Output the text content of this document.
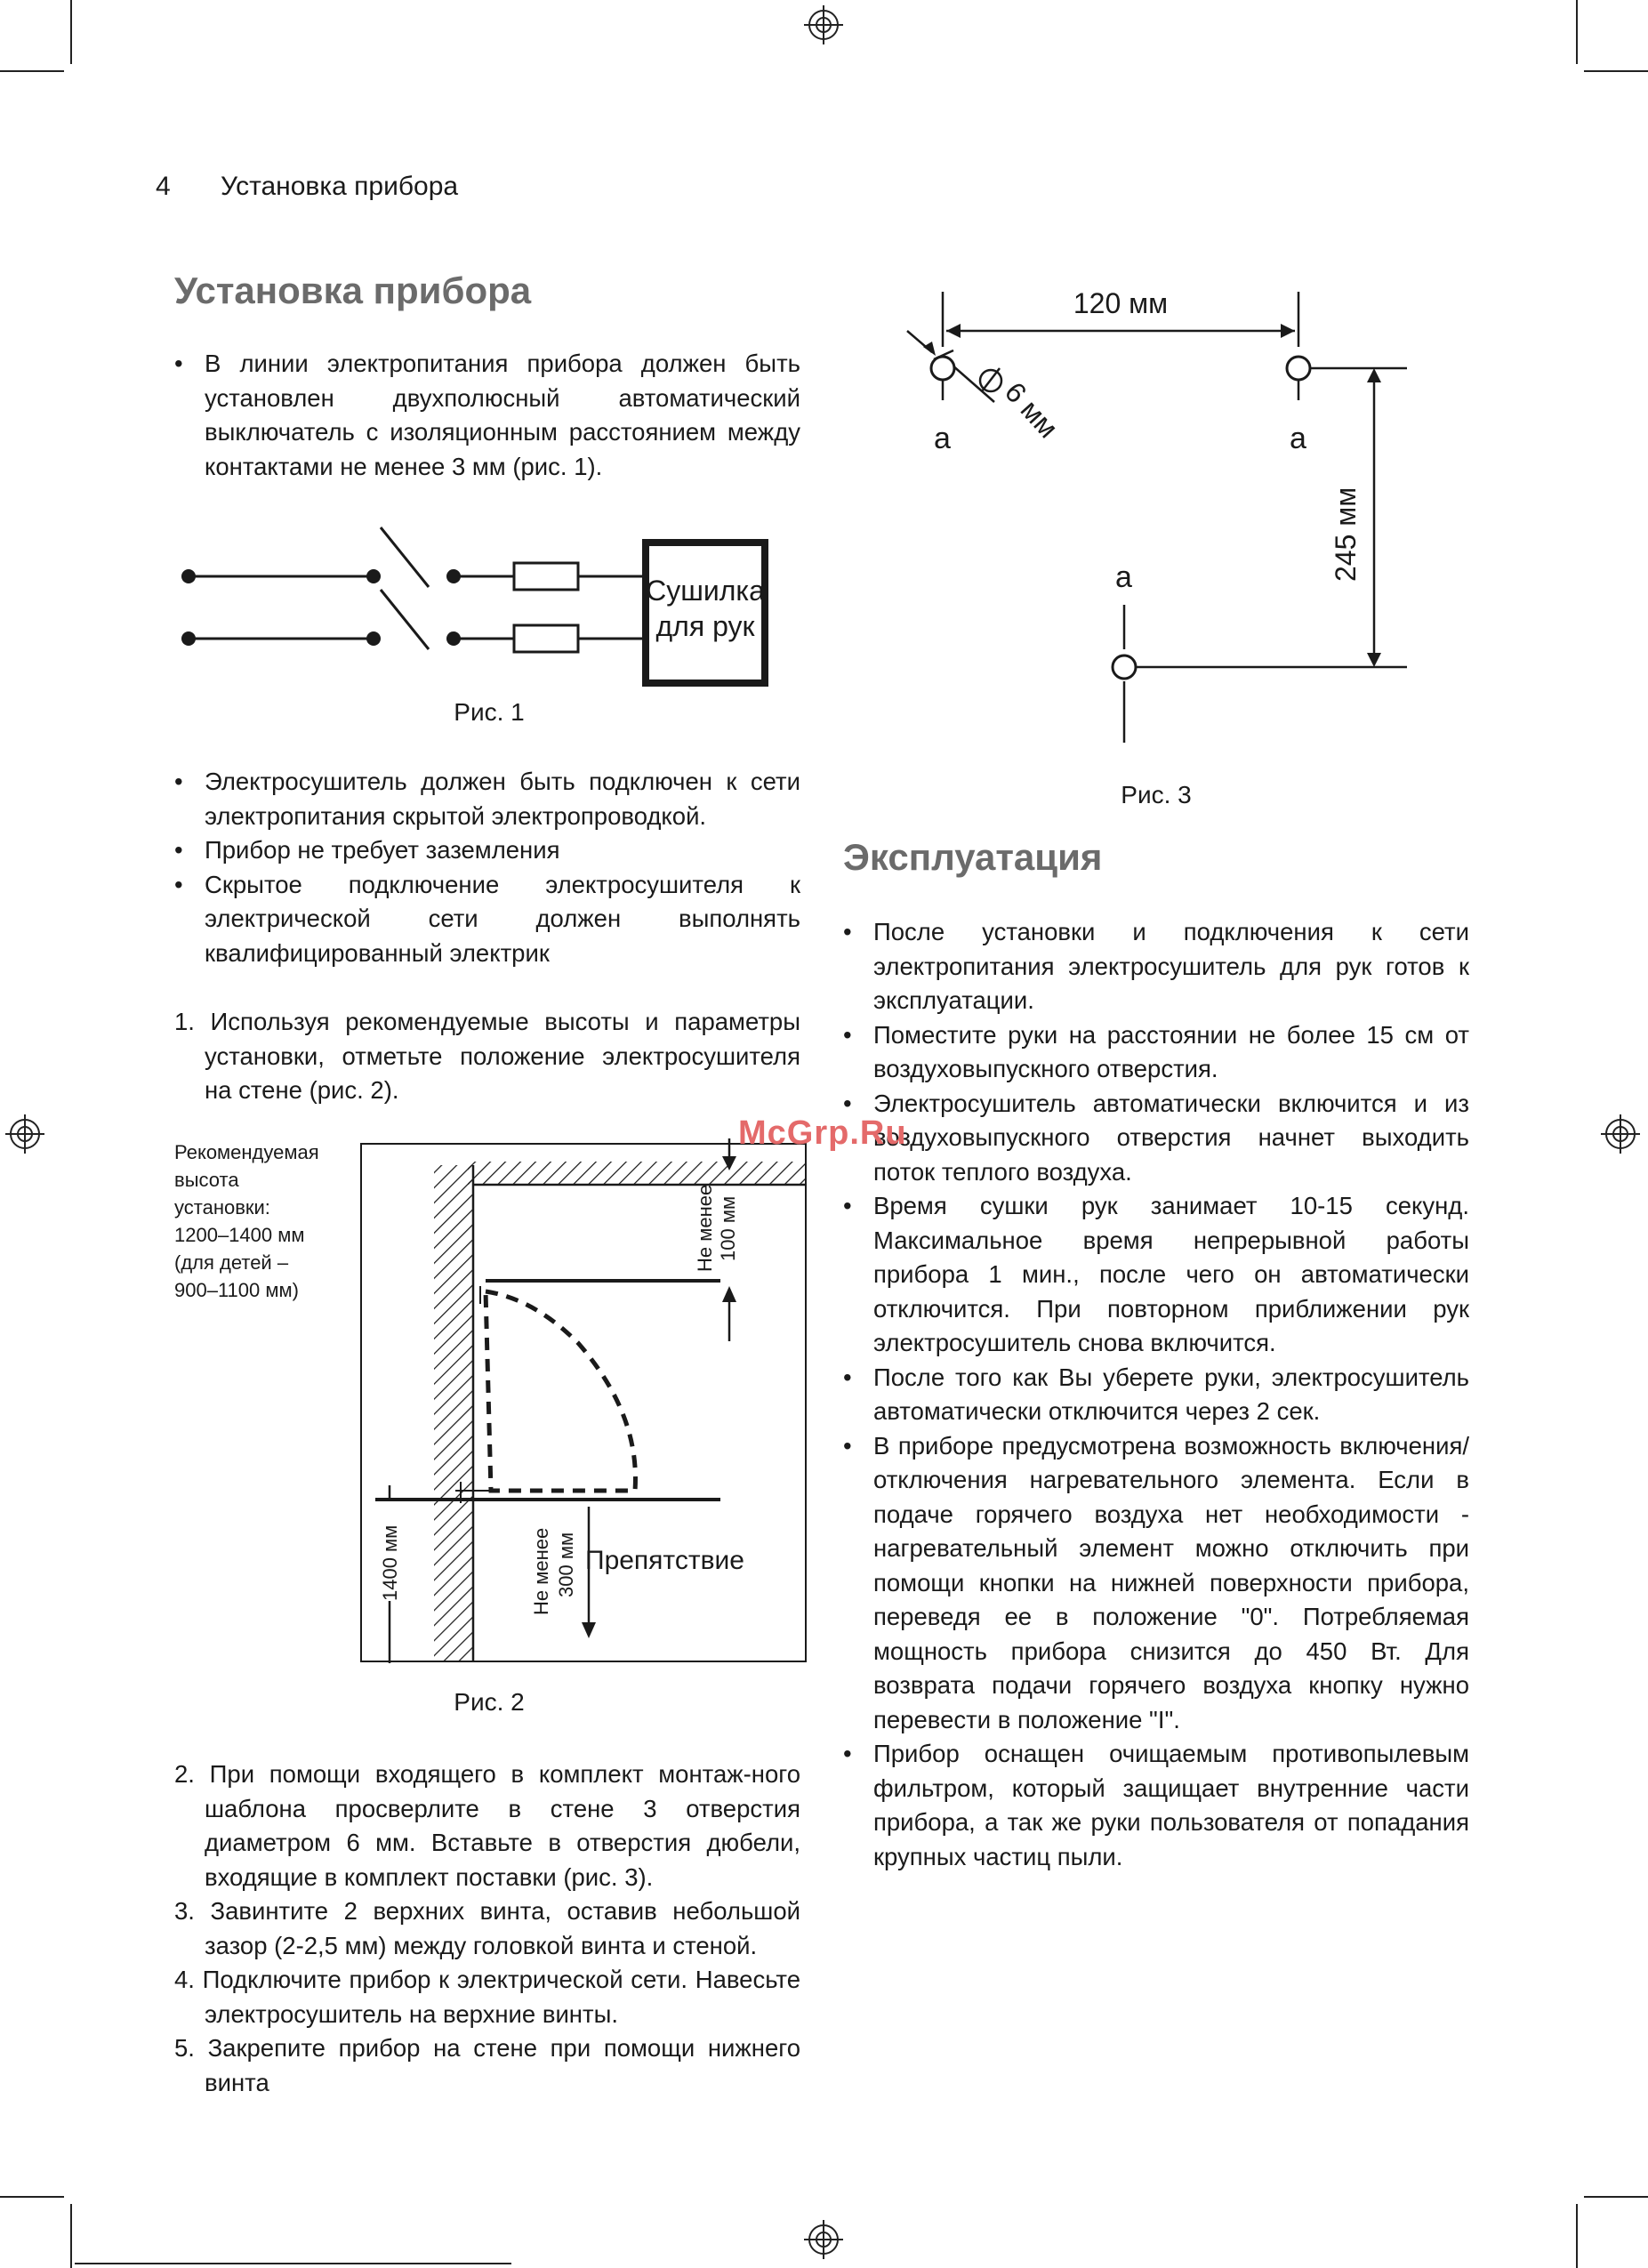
4 Установка прибора
Установка прибора
• В линии электропитания прибора должен быть установлен двухполюсный автоматический выключатель с изоляционным расстоянием между контактами не менее 3 мм (рис. 1).
Сушилка
для рук
Рис. 1
• Электросушитель должен быть подключен к сети электропитания скрытой электропроводкой.
• Прибор не требует заземления
• Скрытое подключение электросушителя к электрической сети должен выполнять квалифицированный электрик
1. Используя рекомендуемые высоты и параметры установки, отметьте положение электросушителя на стене (рис. 2).
Рекомендуемая
высота
установки:
1200–1400 мм
(для детей –
900–1100 мм)
Не менее 100 мм
1400 мм	Не менее 300 мм Препятствие
Рис. 2
2. При помощи входящего в комплект монтаж-ного шаблона просверлите в стене 3 отверстия диаметром 6 мм. Вставьте в отверстия дюбели, входящие в комплект поставки (рис. 3).
3. Завинтите 2 верхних винта, оставив небольшой зазор (2-2,5 мм) между головкой винта и стеной.
4. Подключите прибор к электрической сети. Навесьте электросушитель на верхние винты.
5. Закрепите прибор на стене при помощи нижнего винта
120 мм
6 мм
245 мм
a	a
a
Рис. 3
Эксплуатация
• После установки и подключения к сети электропитания электросушитель для рук готов к эксплуатации.
• Поместите руки на расстоянии не более 15 см от воздуховыпускного отверстия.
• Электросушитель автоматически включится и из воздуховыпускного отверстия начнет выходить поток теплого воздуха.
• Время сушки рук занимает 10-15 секунд. Максимальное время непрерывной работы прибора 1 мин., после чего он автоматически отключится. При повторном приближении рук электросушитель снова включится.
• После того как Вы уберете руки, электросушитель автоматически отключится через 2 сек.
• В приборе предусмотрена возможность включения/отключения нагревательного элемента. Если в подаче горячего воздуха нет необходимости - нагревательный элемент можно отключить при помощи кнопки на нижней поверхности прибора, переведя ее в положение "0". Потребляемая мощность прибора снизится до 450 Вт. Для возврата подачи горячего воздуха кнопку нужно перевести в положение "I".
• Прибор оснащен очищаемым противопылевым фильтром, который защищает внутренние части прибора, а так же руки пользователя от попадания крупных частиц пыли.
McGrp.Ru
